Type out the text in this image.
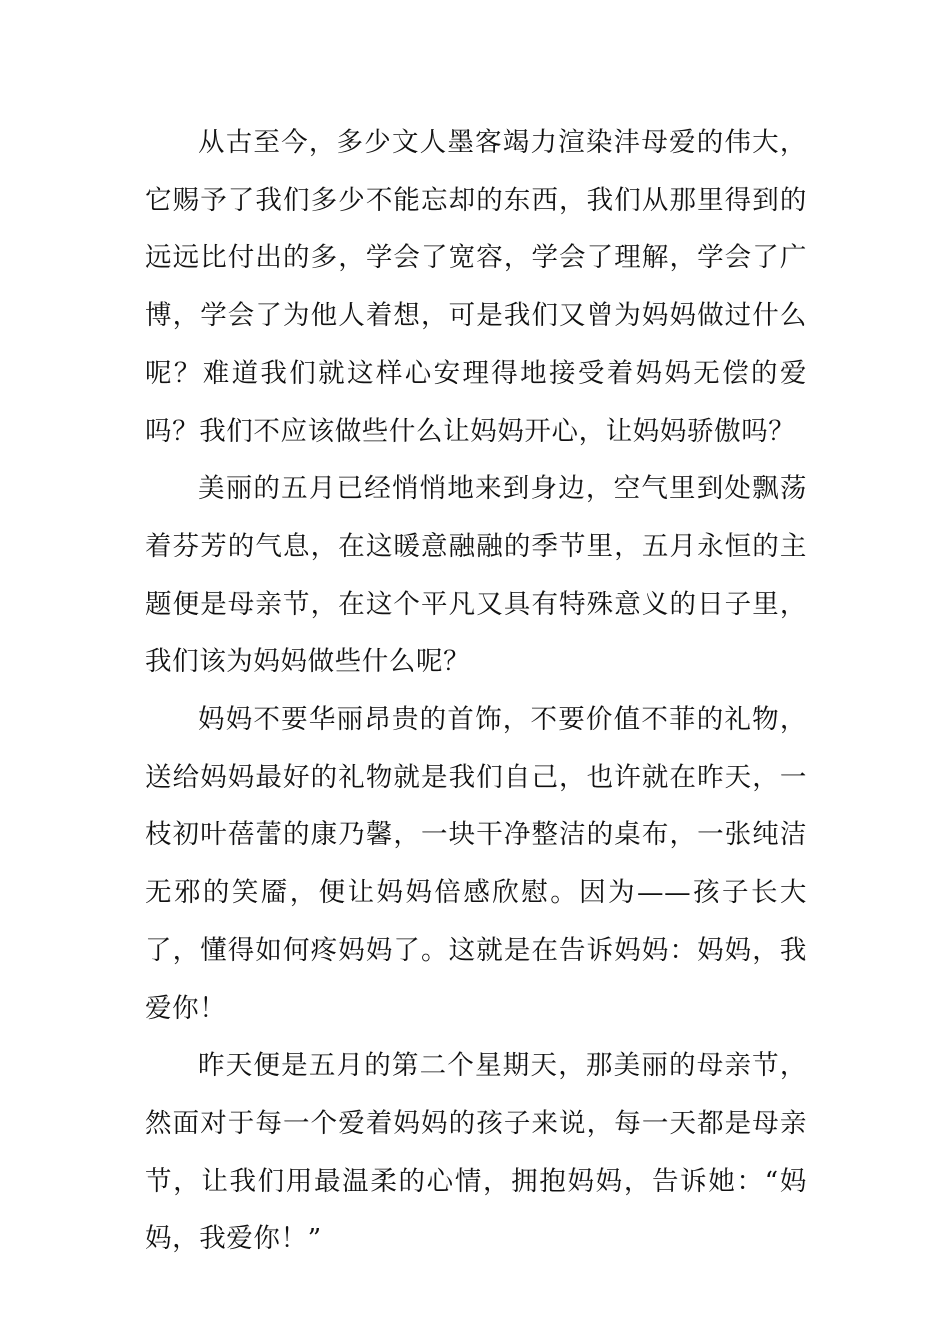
从古至今，多少文人墨客竭力渲染沣母爱的伟大，它赐予了我们多少不能忘却的东西，我们从那里得到的远远比付出的多，学会了宽容，学会了理解，学会了广博，学会了为他人着想，可是我们又曾为妈妈做过什么呢？难道我们就这样心安理得地接受着妈妈无偿的爱吗？我们不应该做些什么让妈妈开心，让妈妈骄傲吗？

美丽的五月已经悄悄地来到身边，空气里到处飘荡着芬芳的气息，在这暖意融融的季节里，五月永恒的主题便是母亲节，在这个平凡又具有特殊意义的日子里，我们该为妈妈做些什么呢？

妈妈不要华丽昂贵的首饰，不要价值不菲的礼物，送给妈妈最好的礼物就是我们自己，也许就在昨天，一枝初叶蓓蕾的康乃馨，一块干净整洁的桌布，一张纯洁无邪的笑靥，便让妈妈倍感欣慰。因为——孩子长大了，懂得如何疼妈妈了。这就是在告诉妈妈：妈妈，我爱你！

昨天便是五月的第二个星期天，那美丽的母亲节，然面对于每一个爱着妈妈的孩子来说，每一天都是母亲节，让我们用最温柔的心情，拥抱妈妈，告诉她：“妈妈，我爱你！”
